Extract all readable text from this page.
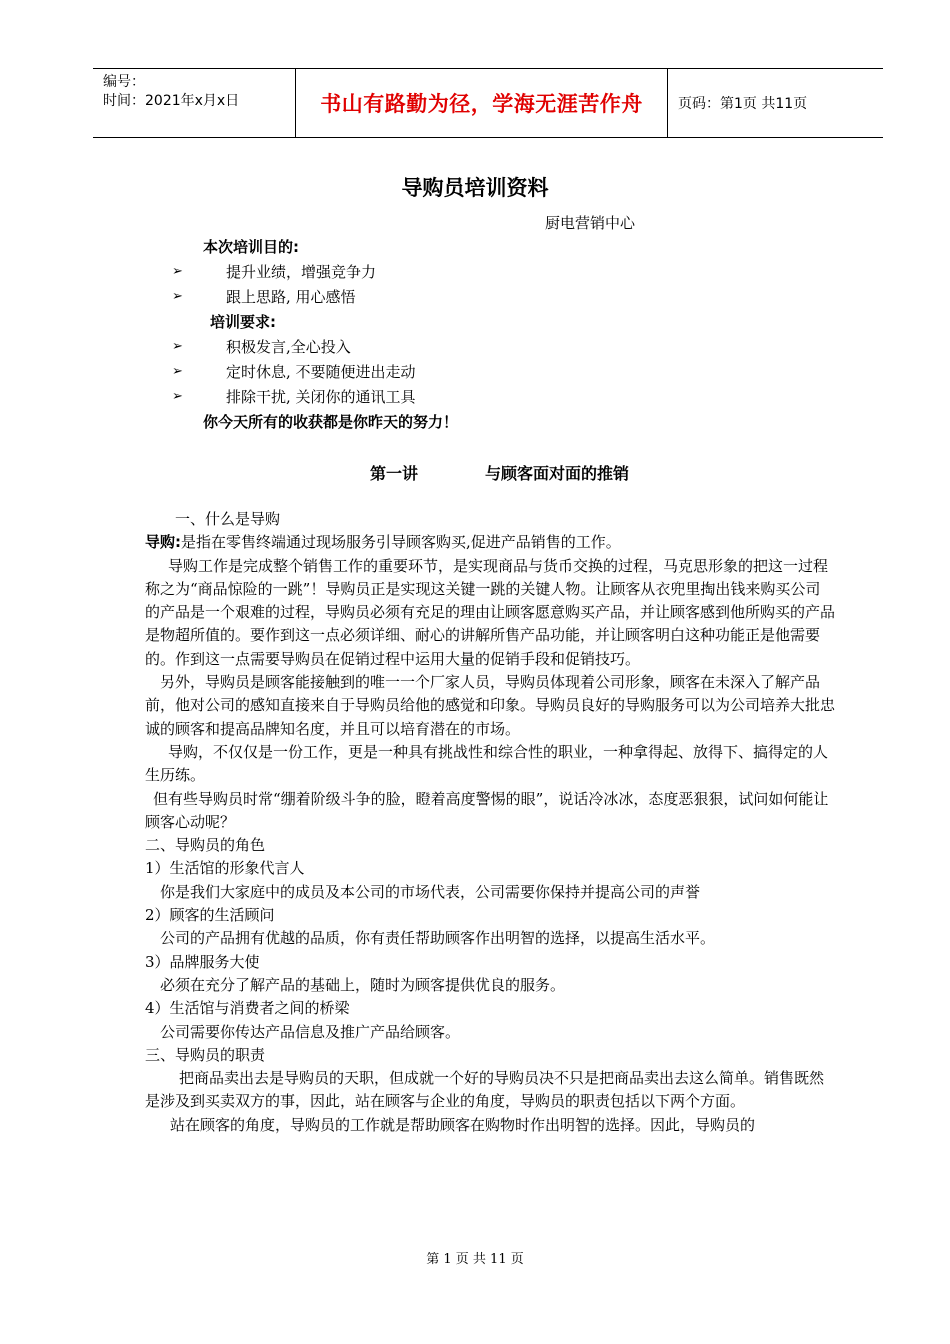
编号：
时间：2021年x月x日	书山有路勤为径，学海无涯苦作舟	页码：第1页 共11页
导购员培训资料
厨电营销中心
本次培训目的:
➢	提升业绩，增强竞争力
➢	跟上思路, 用心感悟
培训要求:
➢	积极发言,全心投入
➢	定时休息, 不要随便进出走动
➢	排除干扰, 关闭你的通讯工具
你今天所有的收获都是你昨天的努力！
第一讲	与顾客面对面的推销

一、什么是导购

导购:是指在零售终端通过现场服务引导顾客购买,促进产品销售的工作。

导购工作是完成整个销售工作的重要环节，是实现商品与货币交换的过程，马克思形象的把这一过程称之为“商品惊险的一跳”！导购员正是实现这关键一跳的关键人物。让顾客从衣兜里掏出钱来购买公司的产品是一个艰难的过程，导购员必须有充足的理由让顾客愿意购买产品，并让顾客感到他所购买的产品是物超所值的。要作到这一点必须详细、耐心的讲解所售产品功能，并让顾客明白这种功能正是他需要的。作到这一点需要导购员在促销过程中运用大量的促销手段和促销技巧。

另外，导购员是顾客能接触到的唯一一个厂家人员，导购员体现着公司形象，顾客在未深入了解产品前，他对公司的感知直接来自于导购员给他的感觉和印象。导购员良好的导购服务可以为公司培养大批忠诚的顾客和提高品牌知名度，并且可以培育潜在的市场。

导购，不仅仅是一份工作，更是一种具有挑战性和综合性的职业，一种拿得起、放得下、搞得定的人生历练。

但有些导购员时常“绷着阶级斗争的脸，瞪着高度警惕的眼”，说话冷冰冰，态度恶狠狠，试问如何能让顾客心动呢？

二、导购员的角色

1）生活馆的形象代言人

你是我们大家庭中的成员及本公司的市场代表，公司需要你保持并提高公司的声誉

2）顾客的生活顾问

公司的产品拥有优越的品质，你有责任帮助顾客作出明智的选择，以提高生活水平。

3）品牌服务大使

必须在充分了解产品的基础上，随时为顾客提供优良的服务。

4）生活馆与消费者之间的桥梁

公司需要你传达产品信息及推广产品给顾客。

三、导购员的职责

把商品卖出去是导购员的天职，但成就一个好的导购员决不只是把商品卖出去这么简单。销售既然是涉及到买卖双方的事，因此，站在顾客与企业的角度，导购员的职责包括以下两个方面。

站在顾客的角度，导购员的工作就是帮助顾客在购物时作出明智的选择。因此，导购员的

第 1 页 共 11 页
